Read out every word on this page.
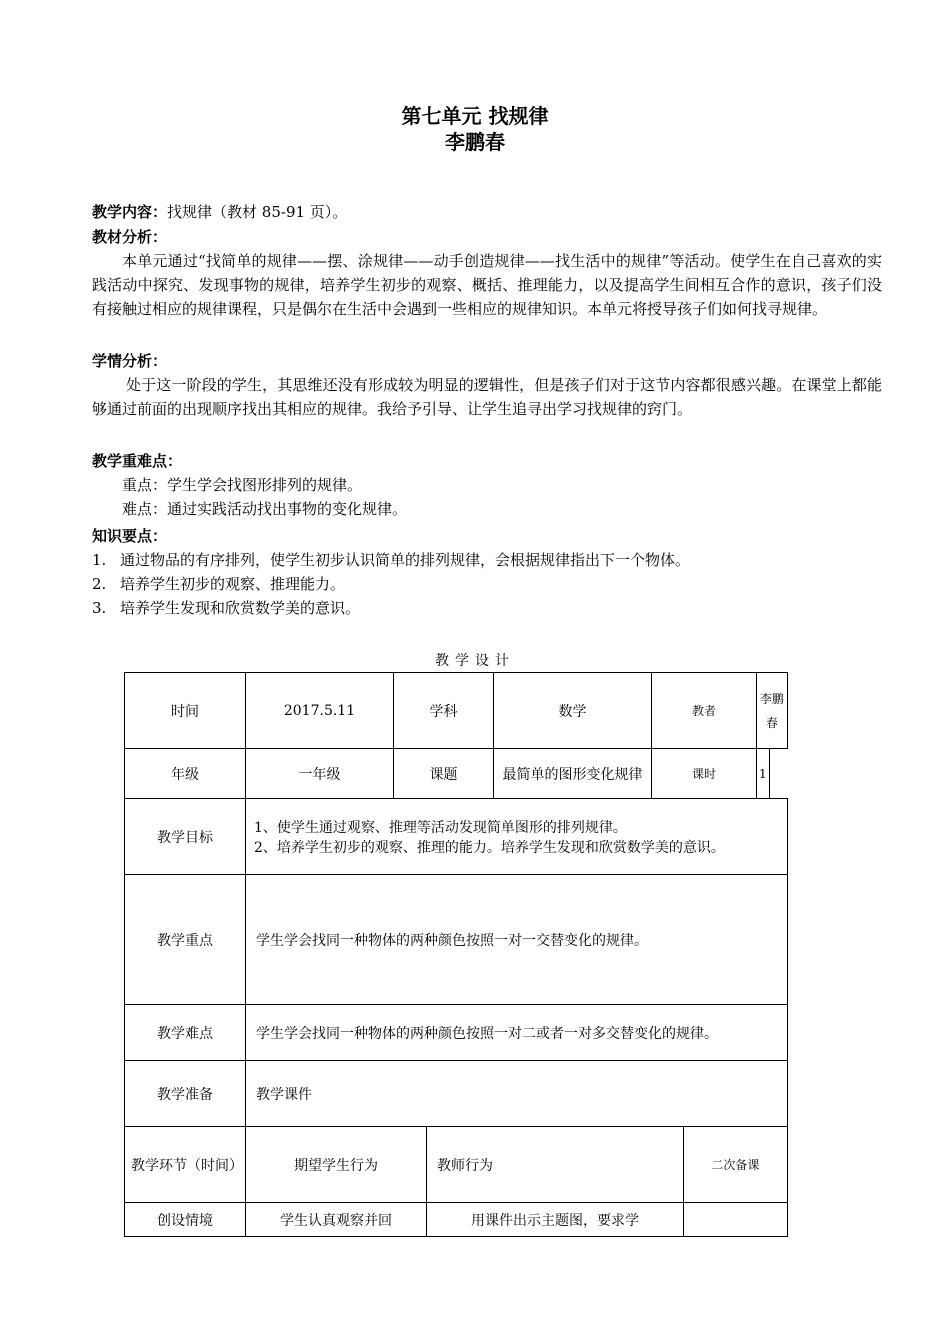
第七单元 找规律
李鹏春
教学内容：找规律（教材 85-91 页）。
教材分析：
本单元通过“找简单的规律——摆、涂规律——动手创造规律——找生活中的规律”等活动。使学生在自己喜欢的实践活动中探究、发现事物的规律，培养学生初步的观察、概括、推理能力，以及提高学生间相互合作的意识，孩子们没有接触过相应的规律课程，只是偶尔在生活中会遇到一些相应的规律知识。本单元将授导孩子们如何找寻规律。
学情分析：
处于这一阶段的学生，其思维还没有形成较为明显的逻辑性，但是孩子们对于这节内容都很感兴趣。在课堂上都能够通过前面的出现顺序找出其相应的规律。我给予引导、让学生追寻出学习找规律的窍门。
教学重难点：
重点：学生学会找图形排列的规律。
难点：通过实践活动找出事物的变化规律。
知识要点：
1. 通过物品的有序排列，使学生初步认识简单的排列规律，会根据规律指出下一个物体。
2. 培养学生初步的观察、推理能力。
3. 培养学生发现和欣赏数学美的意识。
教学设计
时间	2017.5.11	学科		数学	教者		李鹏春	
年级	一年级	课题		最简单的图形变化规律	课时		1	
教学目标	1、使学生通过观察、推理等活动发现简单图形的排列规律。
2、培养学生初步的观察、推理的能力。培养学生发现和欣赏数学美的意识。							

教学重点	学生学会找同一种物体的两种颜色按照一对一交替变化的规律。							
教学难点	学生学会找同一种物体的两种颜色按照一对二或者一对多交替变化的规律。							
教学准备	教学课件							
教学环节（时间）	期望学生行为		教师行为			二次备课		
创设情境	学生认真观察并回		用课件出示主题图，要求学					
